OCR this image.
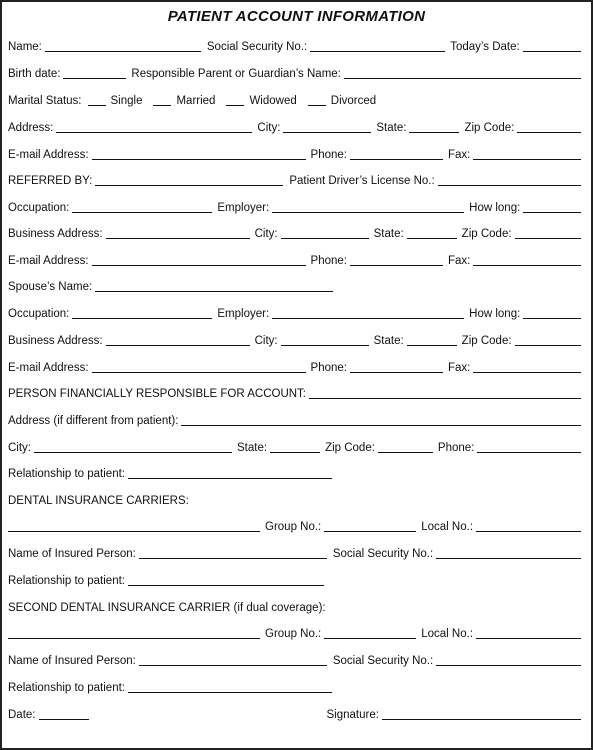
PATIENT ACCOUNT INFORMATION
Name:	Social Security No.:	Today’s Date:
Birth date:	Responsible Parent or Guardian’s Name:
Marital Status:	Single	Married	Widowed	Divorced
Address:	City:	State:	Zip Code:
E-mail Address:	Phone:	Fax:
REFERRED BY:	Patient Driver’s License No.:
Occupation:	Employer:	How long:
Business Address:	City:	State:	Zip Code:
E-mail Address:	Phone:	Fax:
Spouse’s Name:
Occupation:	Employer:	How long:
Business Address:	City:	State:	Zip Code:
E-mail Address:	Phone:	Fax:
PERSON FINANCIALLY RESPONSIBLE FOR ACCOUNT:
Address (if different from patient):
City:	State:	Zip Code:	Phone:
Relationship to patient:
DENTAL INSURANCE CARRIERS:
Group No.:	Local No.:
Name of Insured Person:	Social Security No.:
Relationship to patient:
SECOND DENTAL INSURANCE CARRIER (if dual coverage):
Group No.:	Local No.:
Name of Insured Person:	Social Security No.:
Relationship to patient:
Date:	Signature:
